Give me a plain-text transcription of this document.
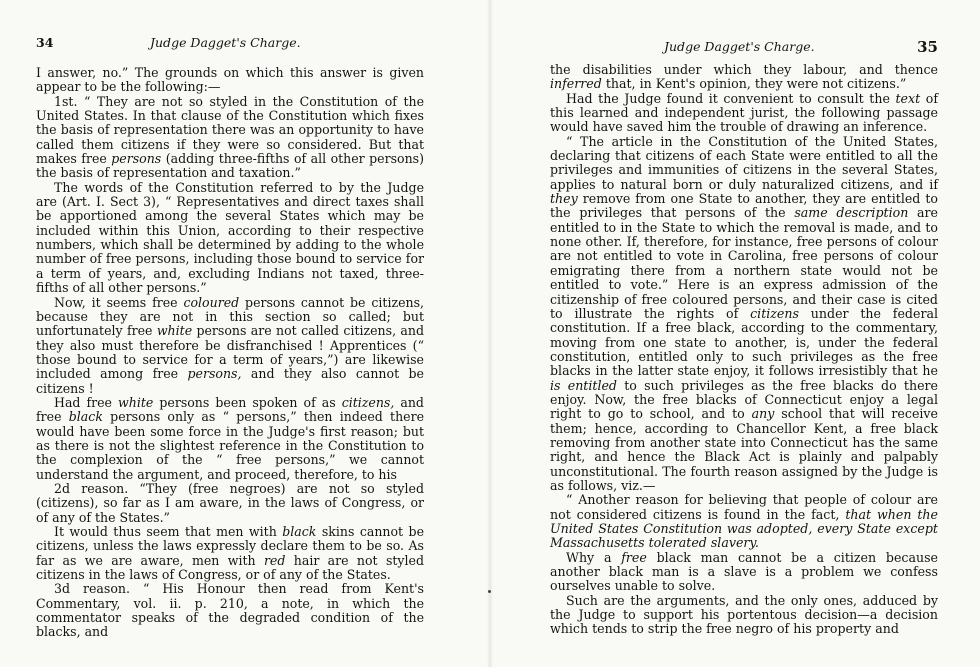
34	Judge Dagget's Charge.

I answer, no.” The grounds on which this answer is given appear to be the following:—

1st. “ They are not so styled in the Constitution of the United States. In that clause of the Constitution which fixes the basis of representation there was an opportunity to have called them citizens if they were so considered. But that makes free persons (adding three-fifths of all other persons) the basis of representation and taxation.”

The words of the Constitution referred to by the Judge are (Art. I. Sect 3), “ Representatives and direct taxes shall be apportioned among the several States which may be included within this Union, according to their respective numbers, which shall be determined by adding to the whole number of free persons, including those bound to service for a term of years, and, excluding Indians not taxed, three-fifths of all other persons.”

Now, it seems free coloured persons cannot be citizens, because they are not in this section so called; but unfortunately free white persons are not called citizens, and they also must therefore be disfranchised ! Apprentices (“ those bound to service for a term of years,”) are likewise included among free persons, and they also cannot be citizens !

Had free white persons been spoken of as citizens, and free black persons only as “ persons,” then indeed there would have been some force in the Judge's first reason; but as there is not the slightest reference in the Constitution to the complexion of the “ free persons,” we cannot understand the argument, and proceed, therefore, to his

2d reason. “They (free negroes) are not so styled (citizens), so far as I am aware, in the laws of Congress, or of any of the States.”

It would thus seem that men with black skins cannot be citizens, unless the laws expressly declare them to be so. As far as we are aware, men with red hair are not styled citizens in the laws of Congress, or of any of the States.

3d reason. “ His Honour then read from Kent's Commentary, vol. ii. p. 210, a note, in which the commentator speaks of the degraded condition of the blacks, and

Judge Dagget's Charge.	35

the disabilities under which they labour, and thence inferred that, in Kent's opinion, they were not citizens.”

Had the Judge found it convenient to consult the text of this learned and independent jurist, the following passage would have saved him the trouble of drawing an inference.

“ The article in the Constitution of the United States, declaring that citizens of each State were entitled to all the privileges and immunities of citizens in the several States, applies to natural born or duly naturalized citizens, and if they remove from one State to another, they are entitled to the privileges that persons of the same description are entitled to in the State to which the removal is made, and to none other. If, therefore, for instance, free persons of colour are not entitled to vote in Carolina, free persons of colour emigrating there from a northern state would not be entitled to vote.” Here is an express admission of the citizenship of free coloured persons, and their case is cited to illustrate the rights of citizens under the federal constitution. If a free black, according to the commentary, moving from one state to another, is, under the federal constitution, entitled only to such privileges as the free blacks in the latter state enjoy, it follows irresistibly that he is entitled to such privileges as the free blacks do there enjoy. Now, the free blacks of Connecticut enjoy a legal right to go to school, and to any school that will receive them; hence, according to Chancellor Kent, a free black removing from another state into Connecticut has the same right, and hence the Black Act is plainly and palpably unconstitutional. The fourth reason assigned by the Judge is as follows, viz.—

“ Another reason for believing that people of colour are not considered citizens is found in the fact, that when the United States Constitution was adopted, every State except Massachusetts tolerated slavery.

Why a free black man cannot be a citizen because another black man is a slave is a problem we confess ourselves unable to solve.

Such are the arguments, and the only ones, adduced by the Judge to support his portentous decision—a decision which tends to strip the free negro of his property and
